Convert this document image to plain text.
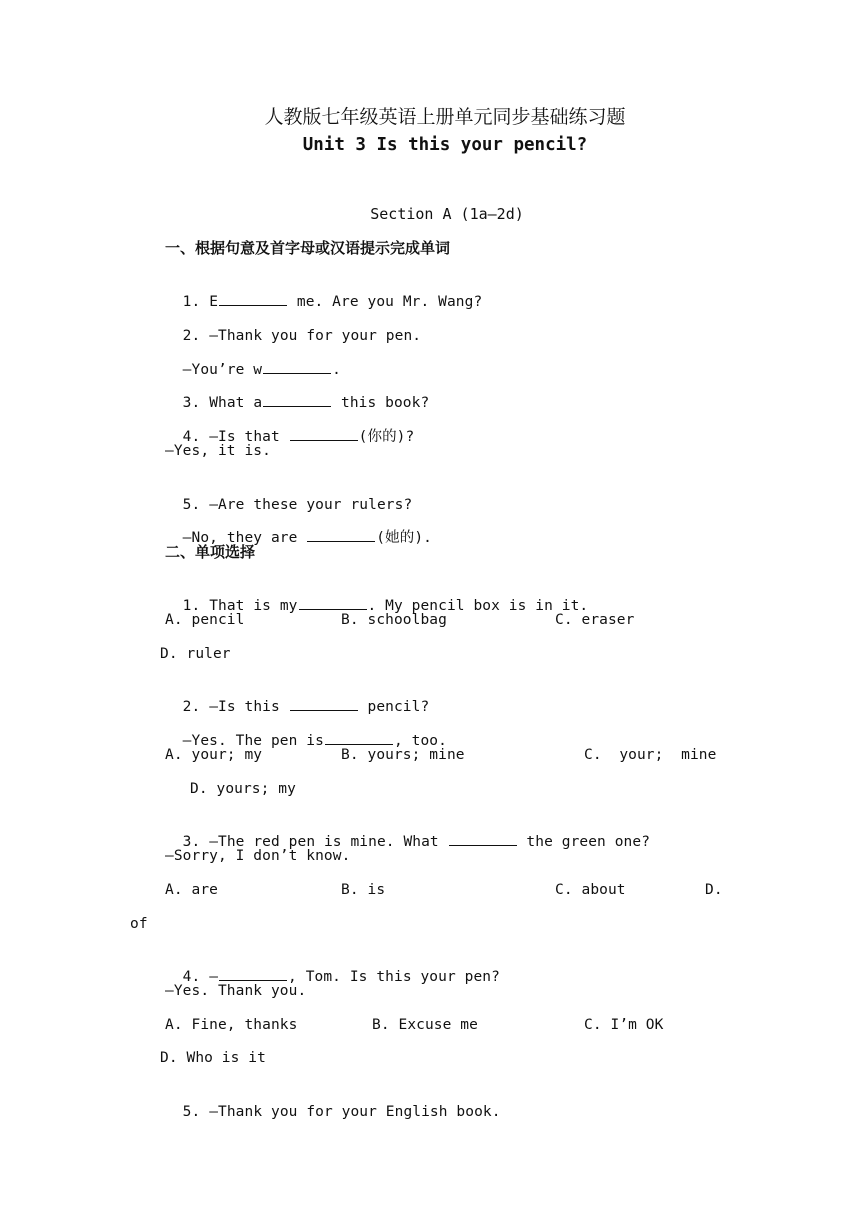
人教版七年级英语上册单元同步基础练习题
Unit 3 Is this your pencil?
Section A (1a—2d)
一、根据句意及首字母或汉语提示完成单词

1. E	me. Are you Mr. Wang?

2. —Thank you for your pen.

—You’re w	.

3. What a	this book?

4. —Is that	(你的)?

—Yes, it is.

5. —Are these your rulers?

—No, they are	(她的).

二、单项选择

1. That is my	. My pencil box is in it.

A. pencil	B. schoolbag	C. eraser
D. ruler

2. —Is this	pencil?

—Yes. The pen is	, too.

A. your; my	B. yours; mine	C.  your;  mine
D. yours; my

3. —The red pen is mine. What	the green one?

—Sorry, I don’t know.
A. are	B. is	C. about	D.
of

4. —	, Tom. Is this your pen?

—Yes. Thank you.
A. Fine, thanks	B. Excuse me	C. I’m OK
D. Who is it

5. —Thank you for your English book.
